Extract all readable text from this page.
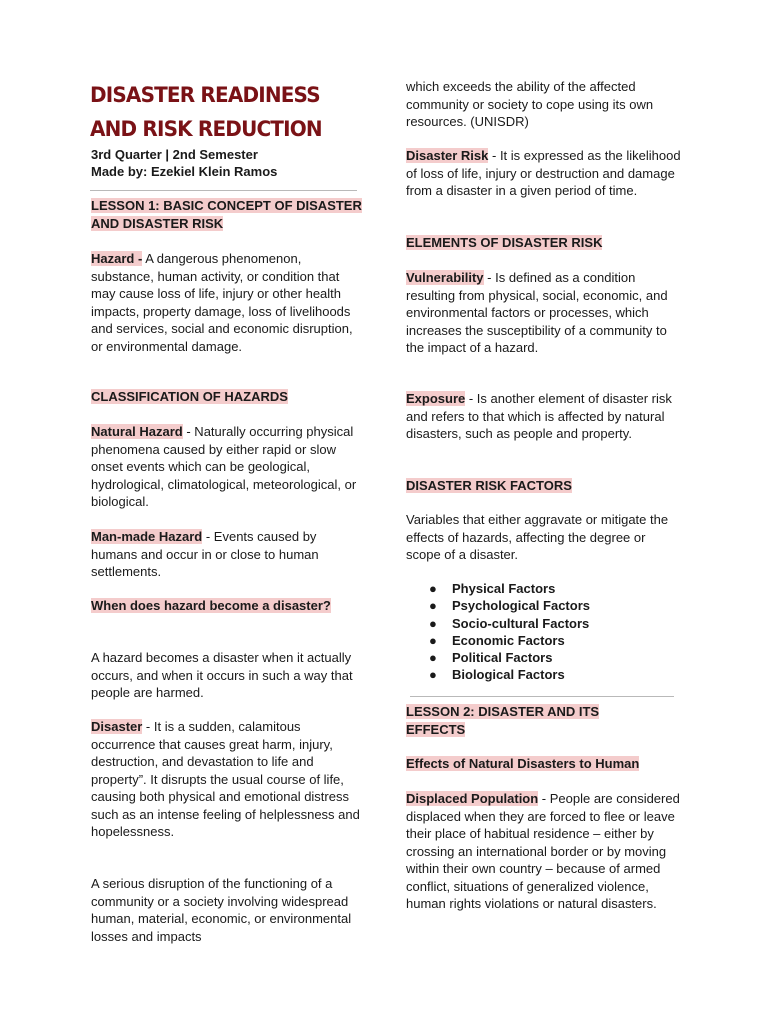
DISASTER READINESS
AND RISK REDUCTION
3rd Quarter | 2nd Semester
Made by: Ezekiel Klein Ramos
LESSON 1: BASIC CONCEPT OF DISASTER AND DISASTER RISK
Hazard - A dangerous phenomenon, substance, human activity, or condition that may cause loss of life, injury or other health impacts, property damage, loss of livelihoods and services, social and economic disruption, or environmental damage.
CLASSIFICATION OF HAZARDS
Natural Hazard - Naturally occurring physical phenomena caused by either rapid or slow onset events which can be geological, hydrological, climatological, meteorological, or biological.
Man-made Hazard - Events caused by humans and occur in or close to human settlements.
When does hazard become a disaster?
A hazard becomes a disaster when it actually occurs, and when it occurs in such a way that people are harmed.
Disaster - It is a sudden, calamitous occurrence that causes great harm, injury, destruction, and devastation to life and property”. It disrupts the usual course of life, causing both physical and emotional distress such as an intense feeling of helplessness and hopelessness.
A serious disruption of the functioning of a community or a society involving widespread human, material, economic, or environmental losses and impacts
which exceeds the ability of the affected community or society to cope using its own resources. (UNISDR)
Disaster Risk - It is expressed as the likelihood of loss of life, injury or destruction and damage from a disaster in a given period of time.
ELEMENTS OF DISASTER RISK
Vulnerability - Is defined as a condition resulting from physical, social, economic, and environmental factors or processes, which increases the susceptibility of a community to the impact of a hazard.
Exposure - Is another element of disaster risk and refers to that which is affected by natural disasters, such as people and property.
DISASTER RISK FACTORS
Variables that either aggravate or mitigate the effects of hazards, affecting the degree or scope of a disaster.
● Physical Factors
● Psychological Factors
● Socio-cultural Factors
● Economic Factors
● Political Factors
● Biological Factors
LESSON 2: DISASTER AND ITS EFFECTS
Effects of Natural Disasters to Human
Displaced Population - People are considered displaced when they are forced to flee or leave their place of habitual residence – either by crossing an international border or by moving within their own country – because of armed conflict, situations of generalized violence, human rights violations or natural disasters.
